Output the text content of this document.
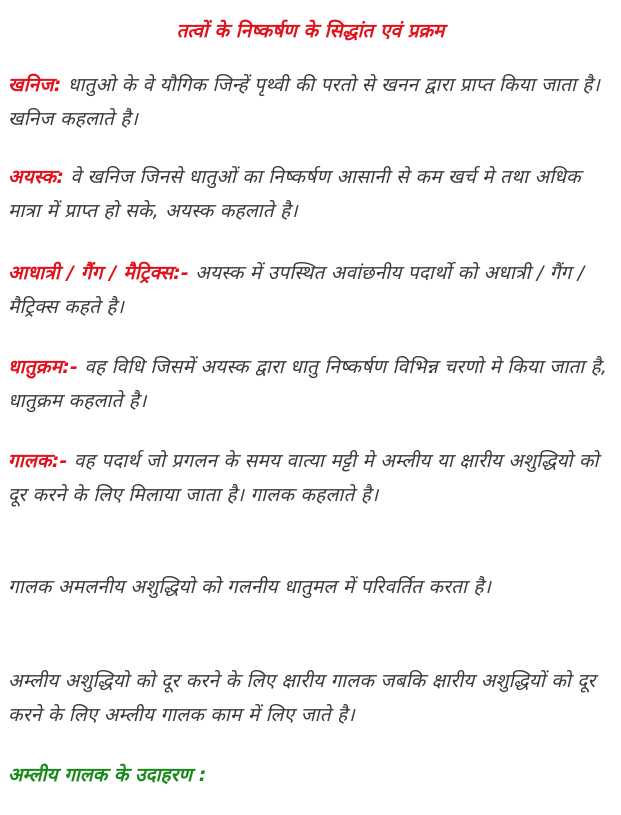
तत्वों के निष्कर्षण के सिद्धांत एवं प्रक्रम

खनिज: धातुओ के वे यौगिक जिन्हें पृथ्वी की परतो से खनन द्वारा प्राप्त किया जाता है। खनिज कहलाते है।

अयस्क: वे खनिज जिनसे धातुओं का निष्कर्षण आसानी से कम खर्च मे तथा अधिक मात्रा में प्राप्त हो सके, अयस्क कहलाते है।

आधात्री / गैंग / मैट्रिक्स:- अयस्क में उपस्थित अवांछनीय पदार्थो को अधात्री / गैंग / मैट्रिक्स कहते है।

धातुक्रम:- वह विधि जिसमें अयस्क द्वारा धातु निष्कर्षण विभिन्न चरणो मे किया जाता है, धातुक्रम कहलाते है।

गालक:- वह पदार्थ जो प्रगलन के समय वात्या मट्टी मे अम्लीय या क्षारीय अशुद्धियो को दूर करने के लिए मिलाया जाता है। गालक कहलाते है।

गालक अमलनीय अशुद्धियो को गलनीय धातुमल में परिवर्तित करता है।

अम्लीय अशुद्धियो को दूर करने के लिए क्षारीय गालक जबकि क्षारीय अशुद्धियों को दूर करने के लिए अम्लीय गालक काम में लिए जाते है।

अम्लीय गालक के उदाहरण :
